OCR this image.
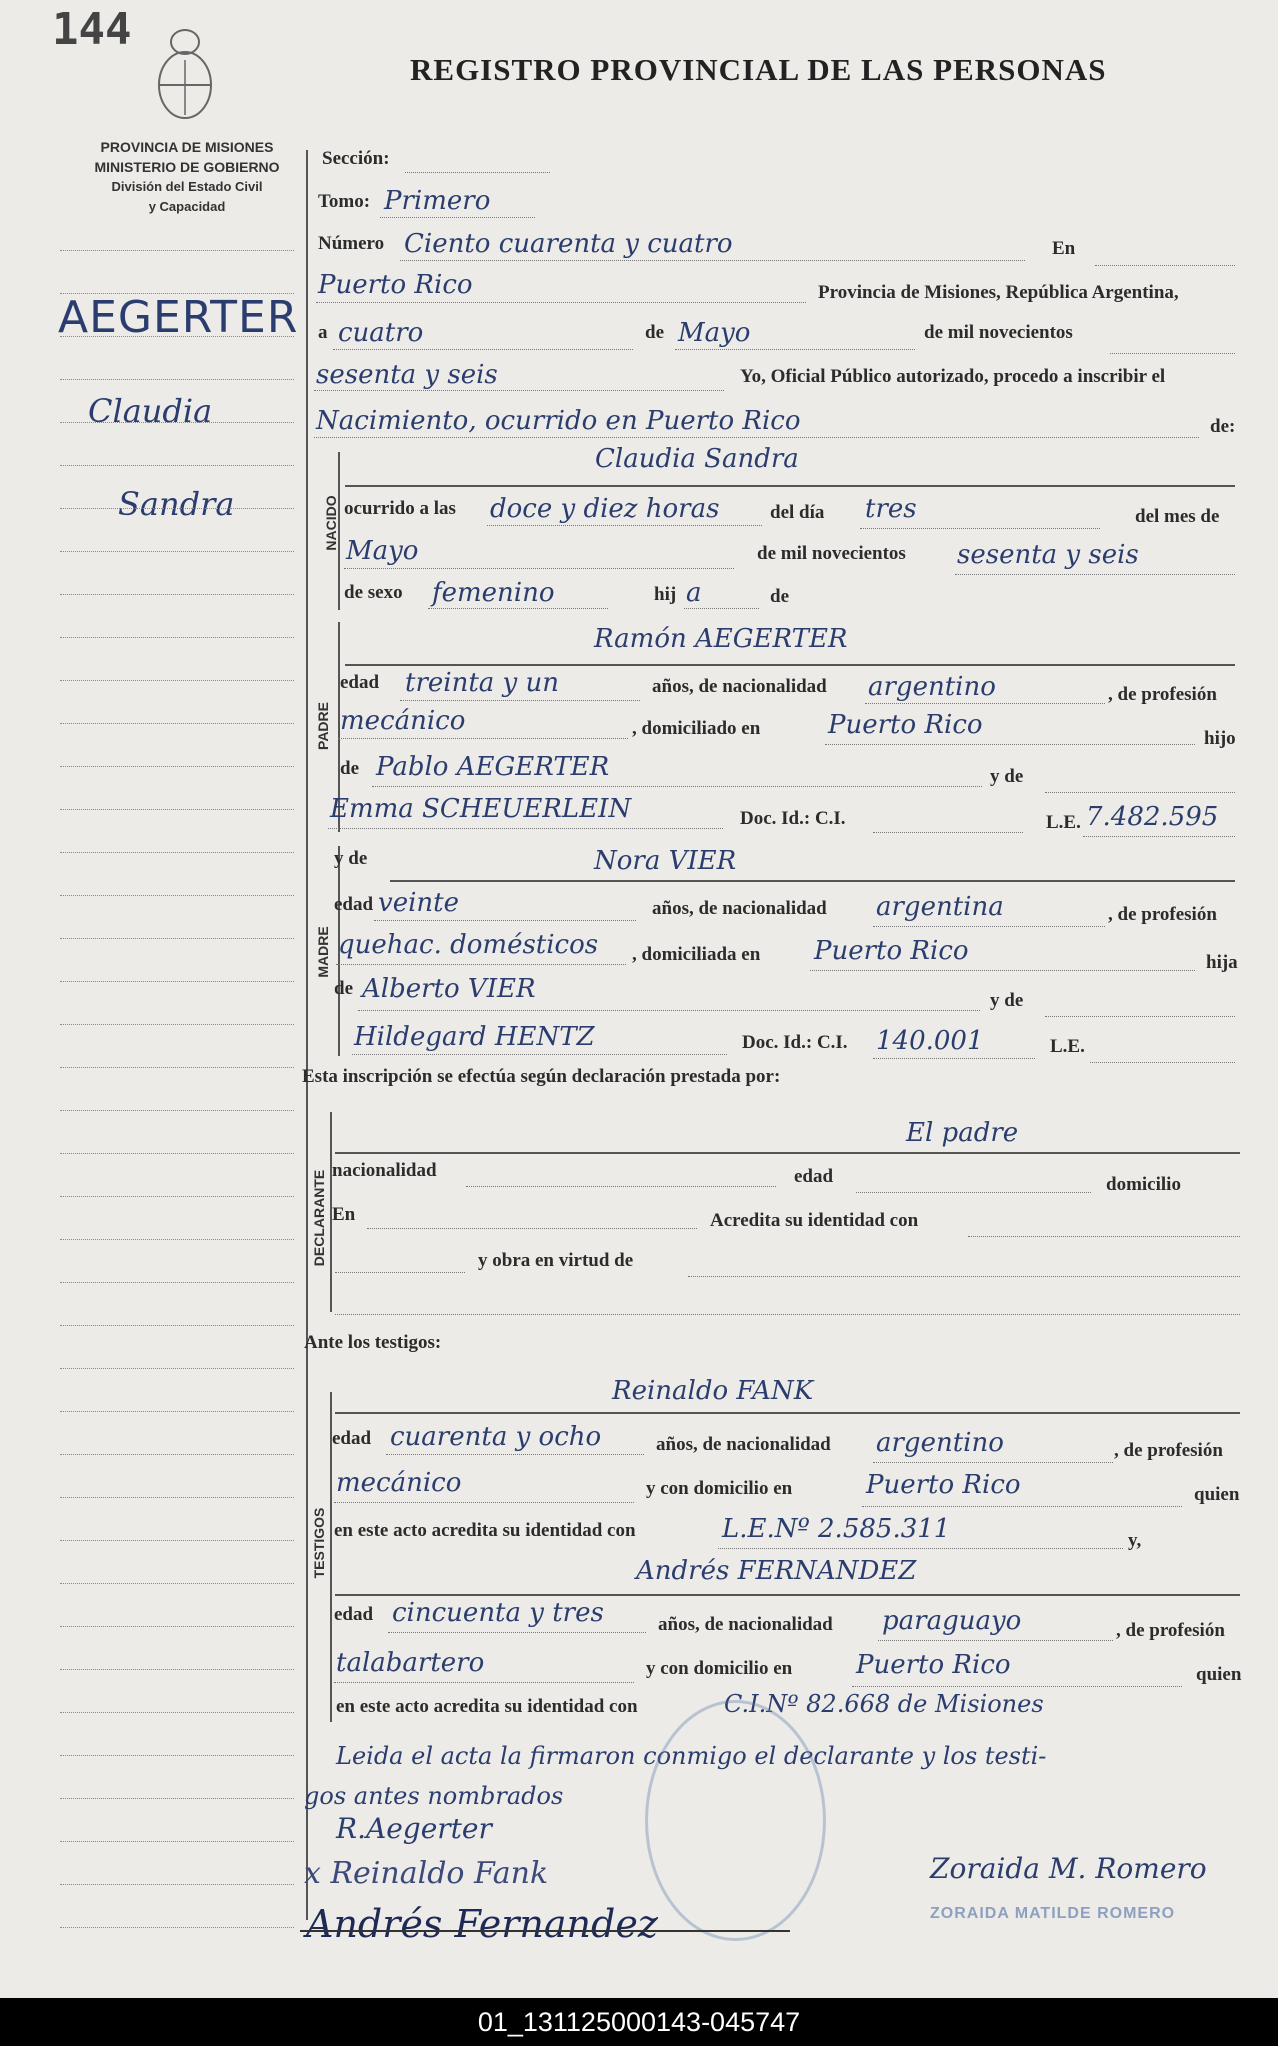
144
REGISTRO PROVINCIAL DE LAS PERSONAS
PROVINCIA DE MISIONES
MINISTERIO DE GOBIERNO
División del Estado Civil
y Capacidad
AEGERTER
Claudia
Sandra
Sección:
Tomo: Primero
Número Ciento cuarenta y cuatro	En
Puerto Rico	Provincia de Misiones, República Argentina,
a cuatro	de Mayo	de mil novecientos
sesenta y seis	Yo, Oficial Público autorizado, procedo a inscribir el
Nacimiento, ocurrido en Puerto Rico	de:
NACIDO
Claudia Sandra
ocurrido a las doce y diez horas	del día tres	del mes de
Mayo	de mil novecientos sesenta y seis
de sexo femenino	hij a	de
PADRE
Ramón AEGERTER
edad treinta y un	años, de nacionalidad argentino	, de profesión
mecánico	, domiciliado en	Puerto Rico	hijo
de Pablo AEGERTER	y de
Emma SCHEUERLEIN	Doc. Id.: C.I.	L.E. 7.482.595
MADRE
y de	Nora VIER
edad veinte	años, de nacionalidad argentina	, de profesión
quehac. domésticos , domiciliada en Puerto Rico	hija
de Alberto VIER	y de
Hildegard HENTZ	Doc. Id.: C.I. 140.001	L.E.
Esta inscripción se efectúa según declaración prestada por:
DECLARANTE
El padre
nacionalidad	edad	domicilio
En	Acredita su identidad con
y obra en virtud de
Ante los testigos:
TESTIGOS
Reinaldo FANK
edad cuarenta y ocho	años, de nacionalidad argentino	, de profesión
mecánico	y con domicilio en	Puerto Rico	quien
en este acto acredita su identidad con	L.E.Nº 2.585.311	y,
Andrés FERNANDEZ
edad cincuenta y tres	años, de nacionalidad paraguayo	, de profesión
talabartero	y con domicilio en Puerto Rico	quien
en este acto acredita su identidad con	C.I.Nº 82.668 de Misiones
Leida el acta la firmaron conmigo el declarante y los testi-
gos antes nombrados
R.Aegerter
x Reinaldo Fank
Andrés Fernandez
Zoraida M. Romero
ZORAIDA MATILDE ROMERO
01_131125000143-045747
